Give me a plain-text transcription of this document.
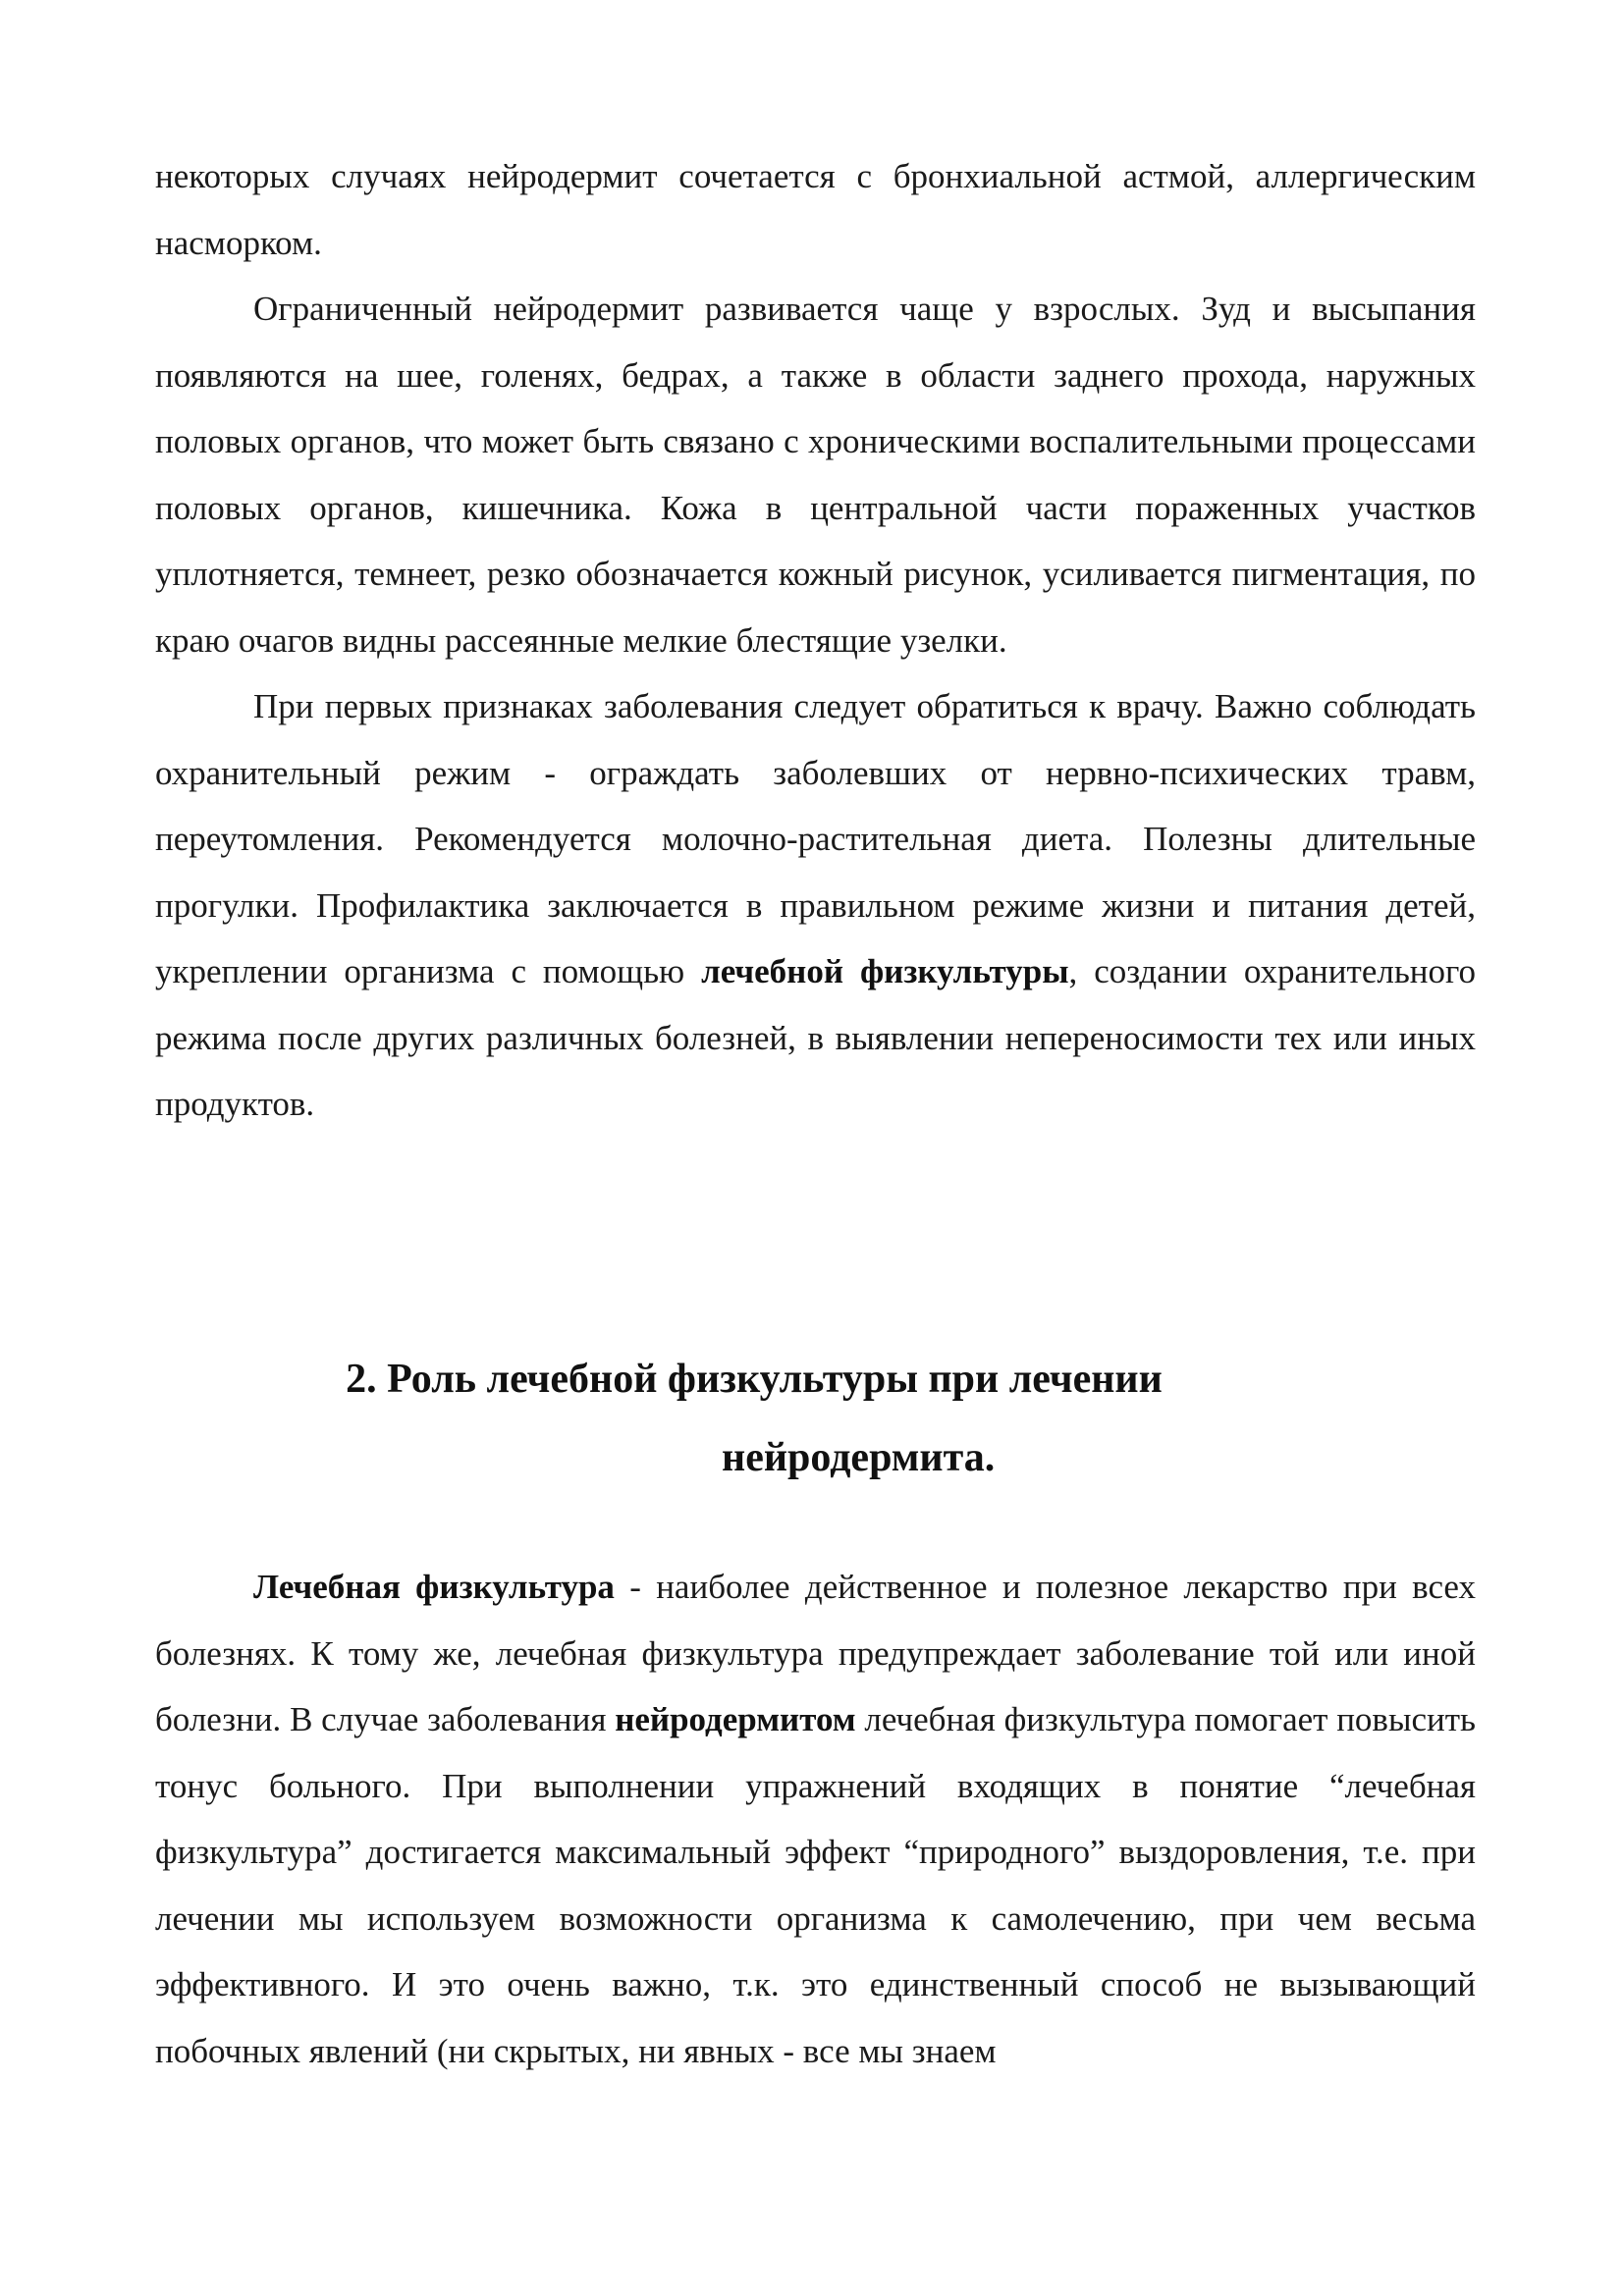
некоторых случаях нейродермит сочетается с бронхиальной астмой, аллергическим насморком.

Ограниченный нейродермит развивается чаще у взрослых. Зуд и высыпания появляются на шее, голенях, бедрах, а также в области заднего прохода, наружных половых органов, что может быть связано с хроническими воспалительными процессами половых органов, кишечника. Кожа в центральной части пораженных участков уплотняется, темнеет, резко обозначается кожный рисунок, усиливается пигментация, по краю очагов видны рассеянные мелкие блестящие узелки.

При первых признаках заболевания следует обратиться к врачу. Важно соблюдать охранительный режим - ограждать заболевших от нервно-психических травм, переутомления. Рекомендуется молочно-растительная диета. Полезны длительные прогулки. Профилактика заключается в правильном режиме жизни и питания детей, укреплении организма с помощью лечебной физкультуры, создании охранительного режима после других различных болезней, в выявлении непереносимости тех или иных продуктов.

2. Роль лечебной физкультуры при лечении
нейродермита.

Лечебная физкультура - наиболее действенное и полезное лекарство при всех болезнях. К тому же, лечебная физкультура предупреждает заболевание той или иной болезни. В случае заболевания нейродермитом лечебная физкультура помогает повысить тонус больного. При выполнении упражнений входящих в понятие “лечебная физкультура” достигается максимальный эффект “природного” выздоровления, т.е. при лечении мы используем возможности организма к самолечению, при чем весьма эффективного. И это очень важно, т.к. это единственный способ не вызывающий побочных явлений (ни скрытых, ни явных - все мы знаем
